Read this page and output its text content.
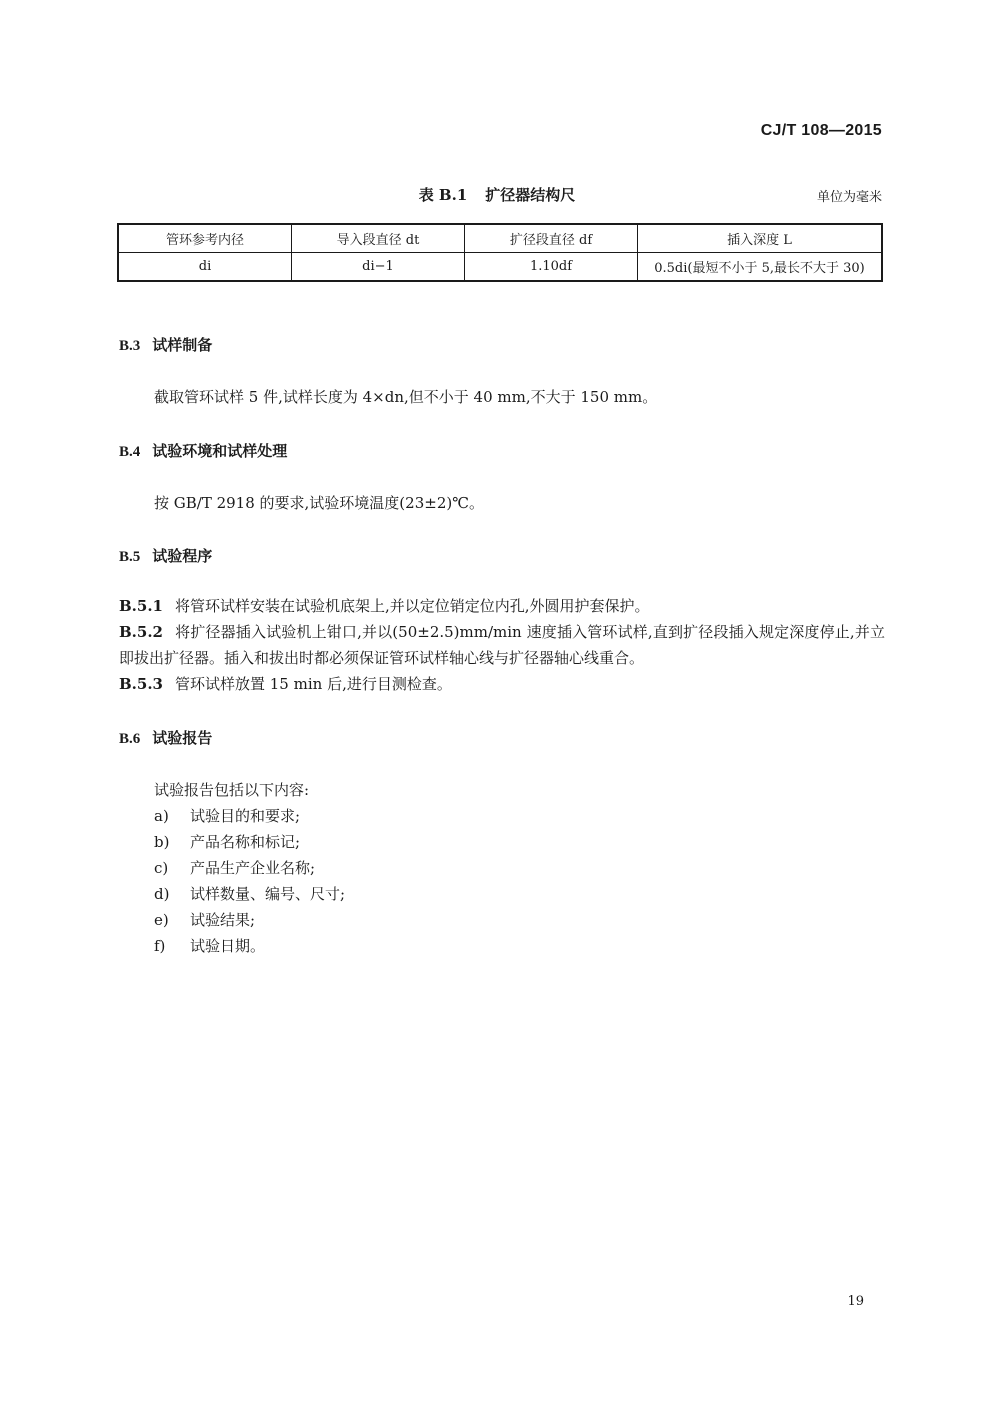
CJ/T 108—2015
表 B.1 扩径器结构尺	单位为毫米
管环参考内径	导入段直径 dt	扩径段直径 df	插入深度 L
di	di−1	1.10df	0.5di(最短不小于 5,最长不大于 30)
B.3 试样制备
截取管环试样 5 件,试样长度为 4×dn,但不小于 40 mm,不大于 150 mm。
B.4 试验环境和试样处理
按 GB/T 2918 的要求,试验环境温度(23±2)℃。
B.5 试验程序
B.5.1 将管环试样安装在试验机底架上,并以定位销定位内孔,外圆用护套保护。
B.5.2 将扩径器插入试验机上钳口,并以(50±2.5)mm/min 速度插入管环试样,直到扩径段插入规定深度停止,并立即拔出扩径器。插入和拔出时都必须保证管环试样轴心线与扩径器轴心线重合。
B.5.3 管环试样放置 15 min 后,进行目测检查。
B.6 试验报告
试验报告包括以下内容:
a) 试验目的和要求;
b) 产品名称和标记;
c) 产品生产企业名称;
d) 试样数量、编号、尺寸;
e) 试验结果;
f) 试验日期。
19
